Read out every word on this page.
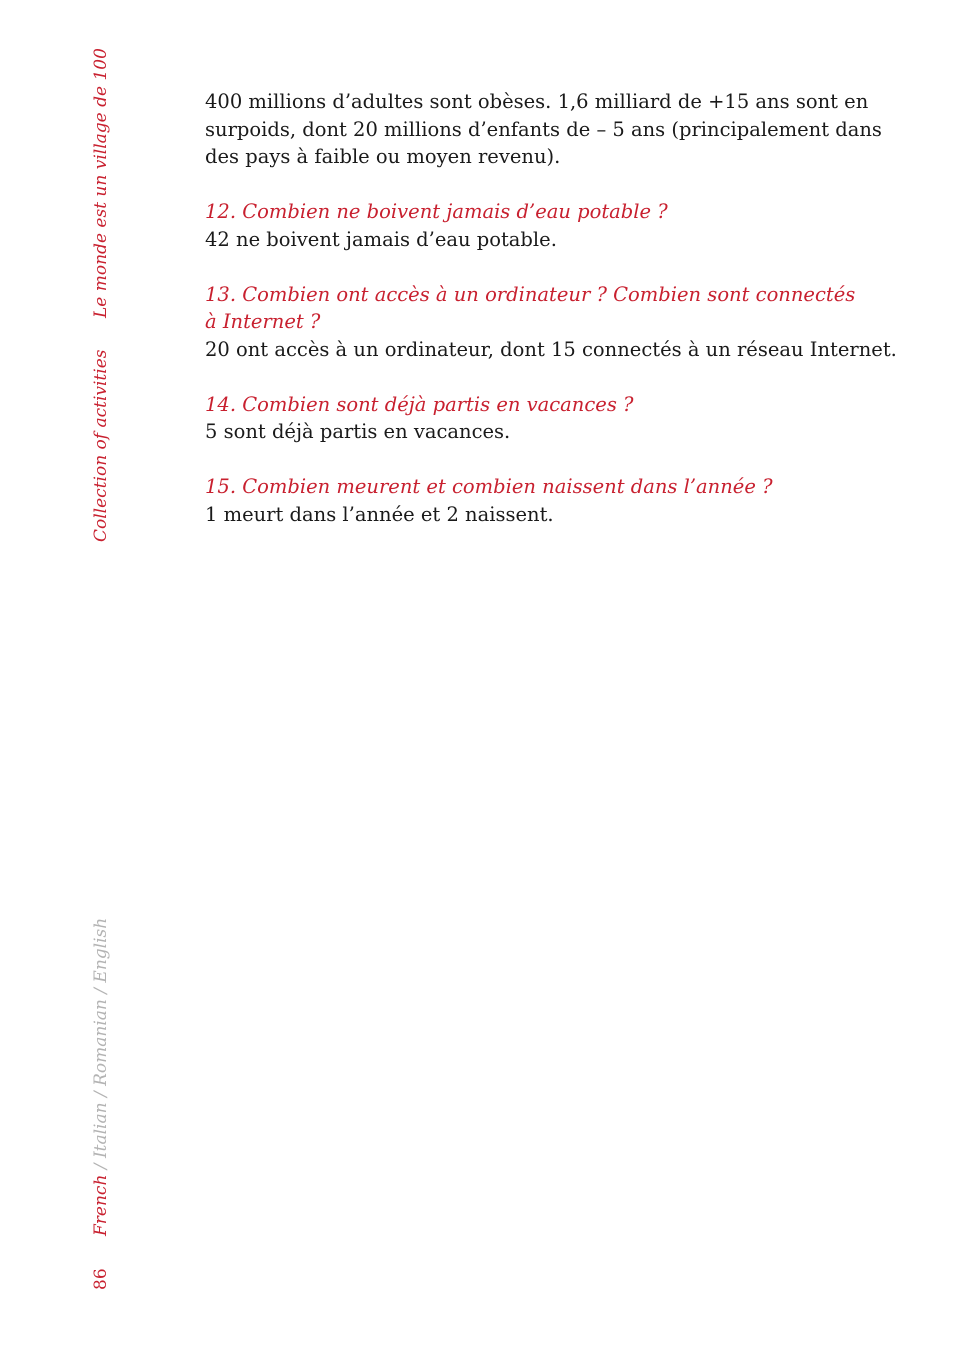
Le monde est un village de 100
Collection of activities
French / Italian / Romanian / English
86

400 millions d’adultes sont obèses. 1,6 milliard de +15 ans sont en
surpoids, dont 20 millions d’enfants de – 5 ans (principalement dans
des pays à faible ou moyen revenu).

12. Combien ne boivent jamais d’eau potable ?

42 ne boivent jamais d’eau potable.

13. Combien ont accès à un ordinateur ? Combien sont connectés
à Internet ?

20 ont accès à un ordinateur, dont 15 connectés à un réseau Internet.

14. Combien sont déjà partis en vacances ?

5 sont déjà partis en vacances.

15. Combien meurent et combien naissent dans l’année ?

1 meurt dans l’année et 2 naissent.
